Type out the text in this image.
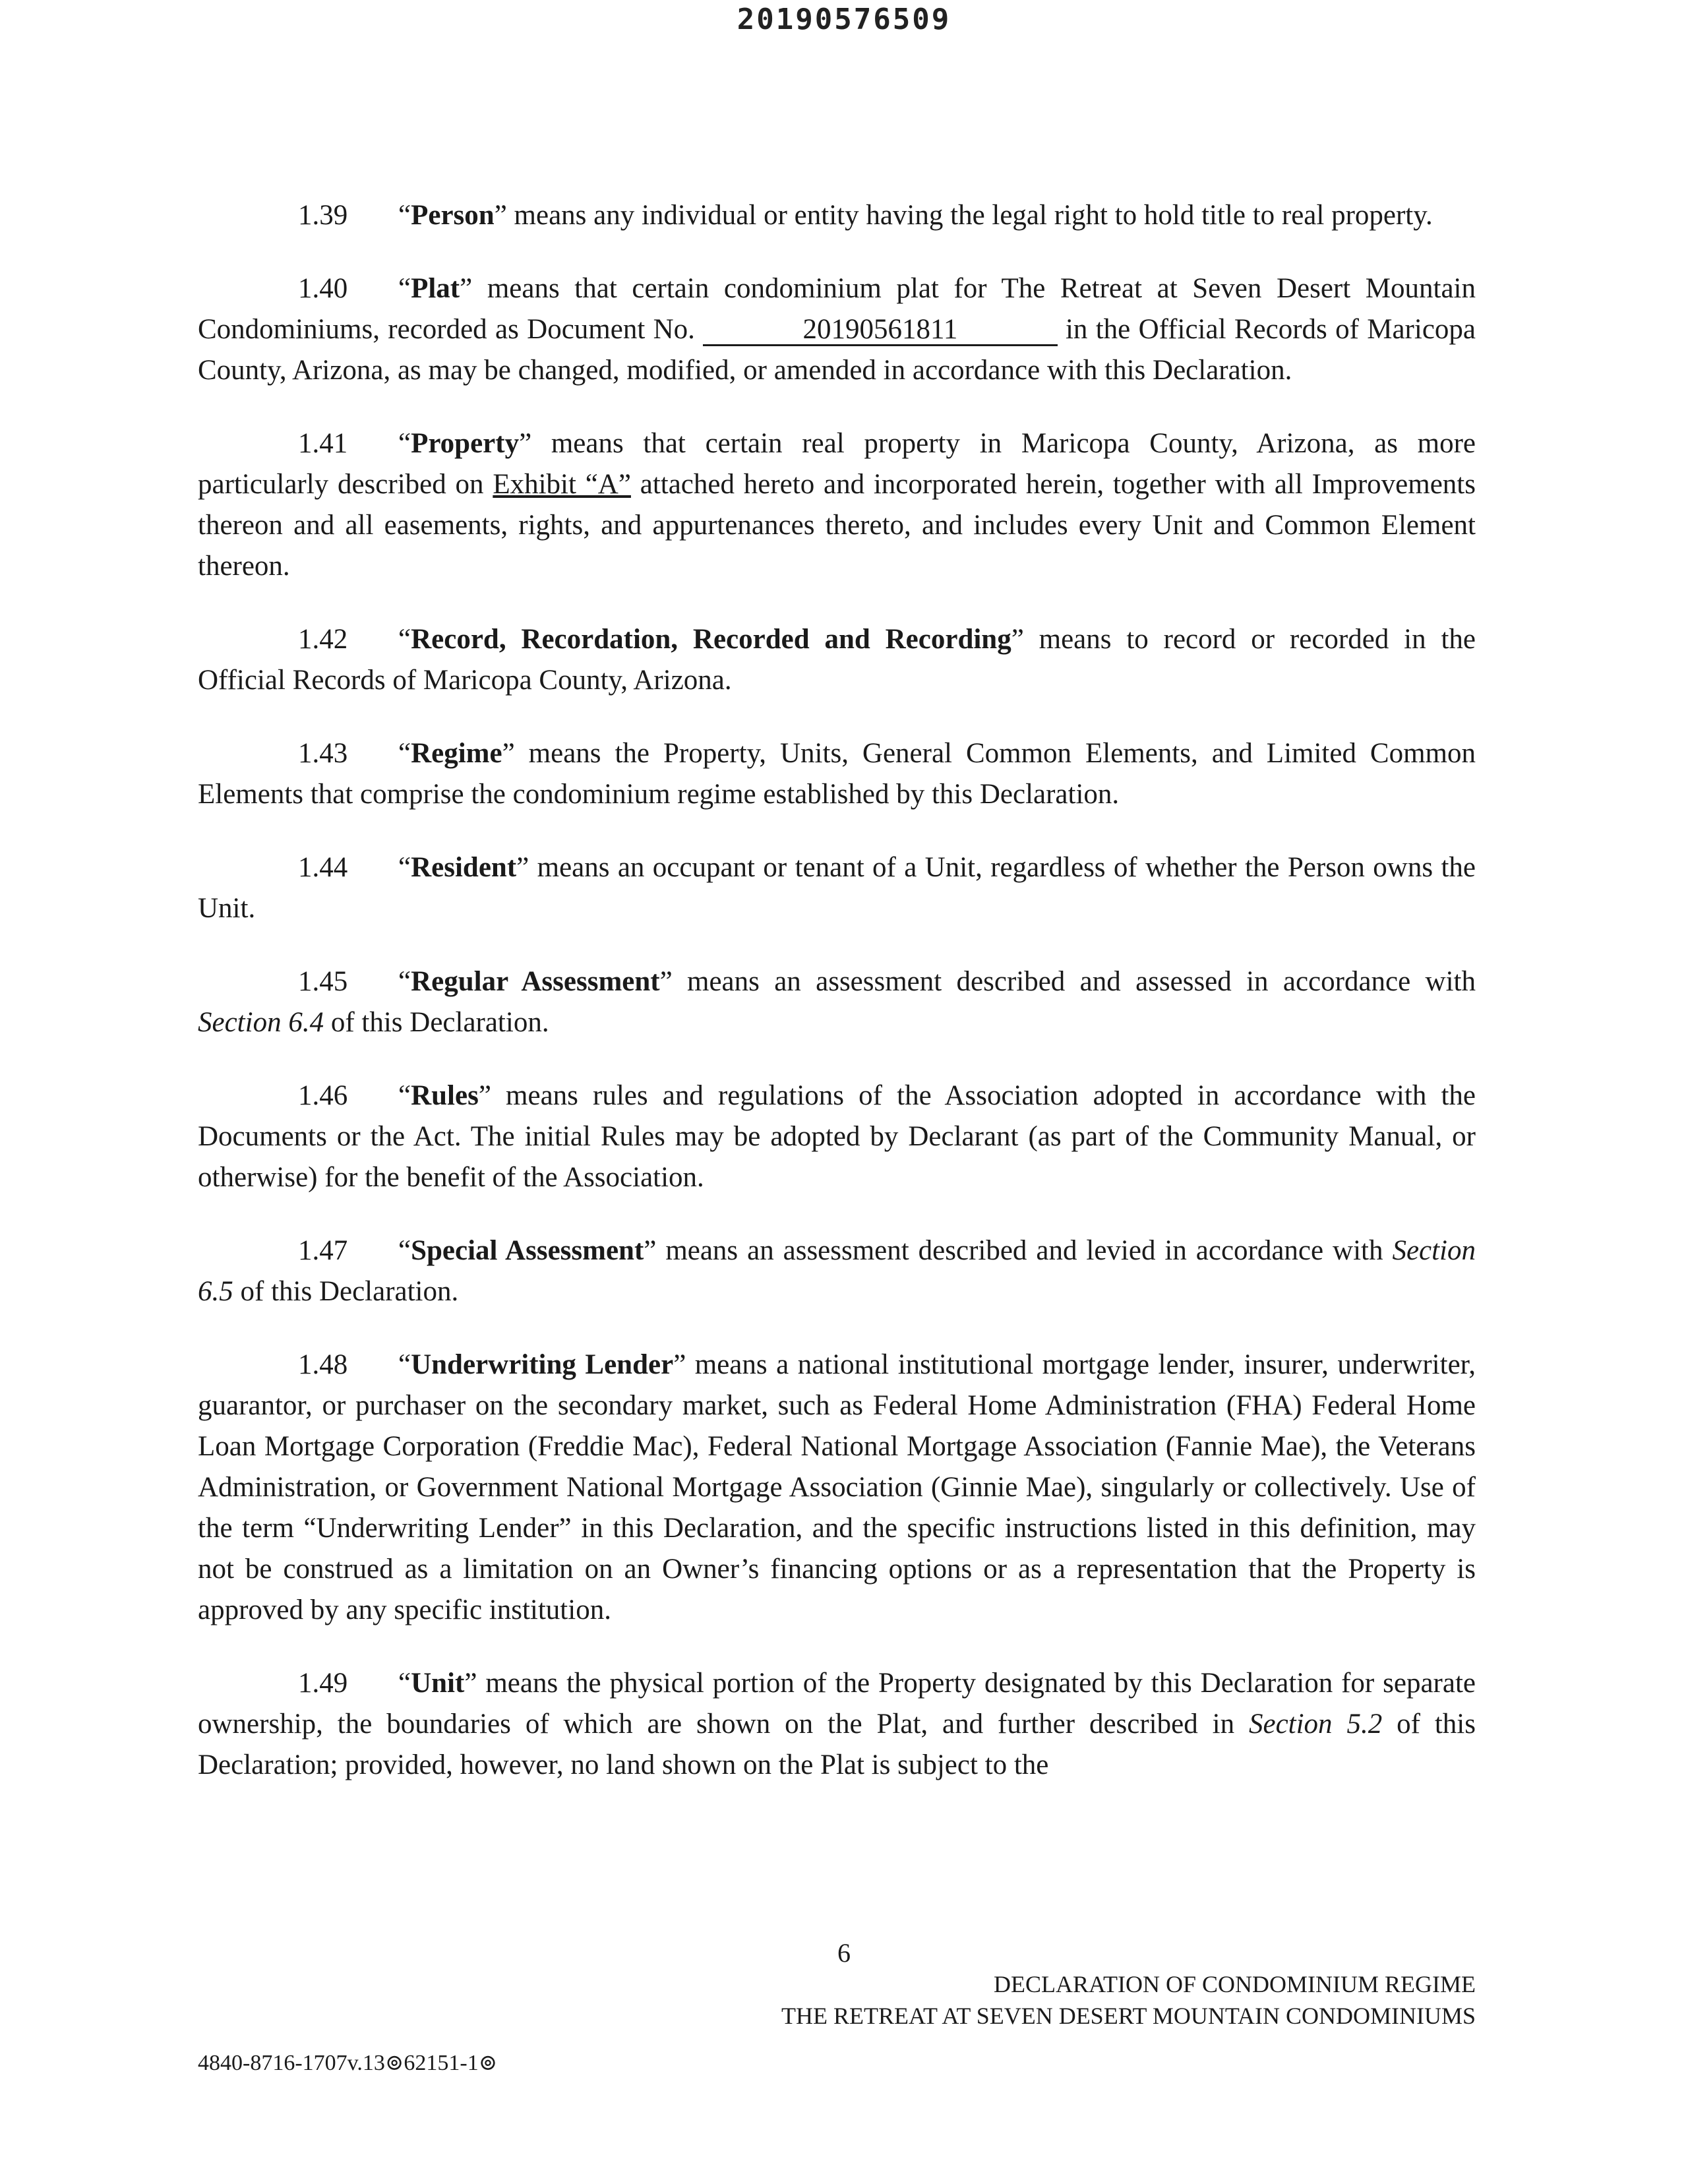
20190576509

1.39 “Person” means any individual or entity having the legal right to hold title to real property.

1.40 “Plat” means that certain condominium plat for The Retreat at Seven Desert Mountain Condominiums, recorded as Document No.	20190561811	in the Official Records of Maricopa County, Arizona, as may be changed, modified, or amended in accordance with this Declaration.

1.41 “Property” means that certain real property in Maricopa County, Arizona, as more particularly described on Exhibit “A” attached hereto and incorporated herein, together with all Improvements thereon and all easements, rights, and appurtenances thereto, and includes every Unit and Common Element thereon.

1.42 “Record, Recordation, Recorded and Recording” means to record or recorded in the Official Records of Maricopa County, Arizona.

1.43 “Regime” means the Property, Units, General Common Elements, and Limited Common Elements that comprise the condominium regime established by this Declaration.

1.44 “Resident” means an occupant or tenant of a Unit, regardless of whether the Person owns the Unit.

1.45 “Regular Assessment” means an assessment described and assessed in accordance with Section 6.4 of this Declaration.

1.46 “Rules” means rules and regulations of the Association adopted in accordance with the Documents or the Act. The initial Rules may be adopted by Declarant (as part of the Community Manual, or otherwise) for the benefit of the Association.

1.47 “Special Assessment” means an assessment described and levied in accordance with Section 6.5 of this Declaration.

1.48 “Underwriting Lender” means a national institutional mortgage lender, insurer, underwriter, guarantor, or purchaser on the secondary market, such as Federal Home Administration (FHA) Federal Home Loan Mortgage Corporation (Freddie Mac), Federal National Mortgage Association (Fannie Mae), the Veterans Administration, or Government National Mortgage Association (Ginnie Mae), singularly or collectively. Use of the term “Underwriting Lender” in this Declaration, and the specific instructions listed in this definition, may not be construed as a limitation on an Owner’s financing options or as a representation that the Property is approved by any specific institution.

1.49 “Unit” means the physical portion of the Property designated by this Declaration for separate ownership, the boundaries of which are shown on the Plat, and further described in Section 5.2 of this Declaration; provided, however, no land shown on the Plat is subject to the

6
DECLARATION OF CONDOMINIUM REGIME
THE RETREAT AT SEVEN DESERT MOUNTAIN CONDOMINIUMS
4840-8716-1707v.13⊚62151-1⊚
